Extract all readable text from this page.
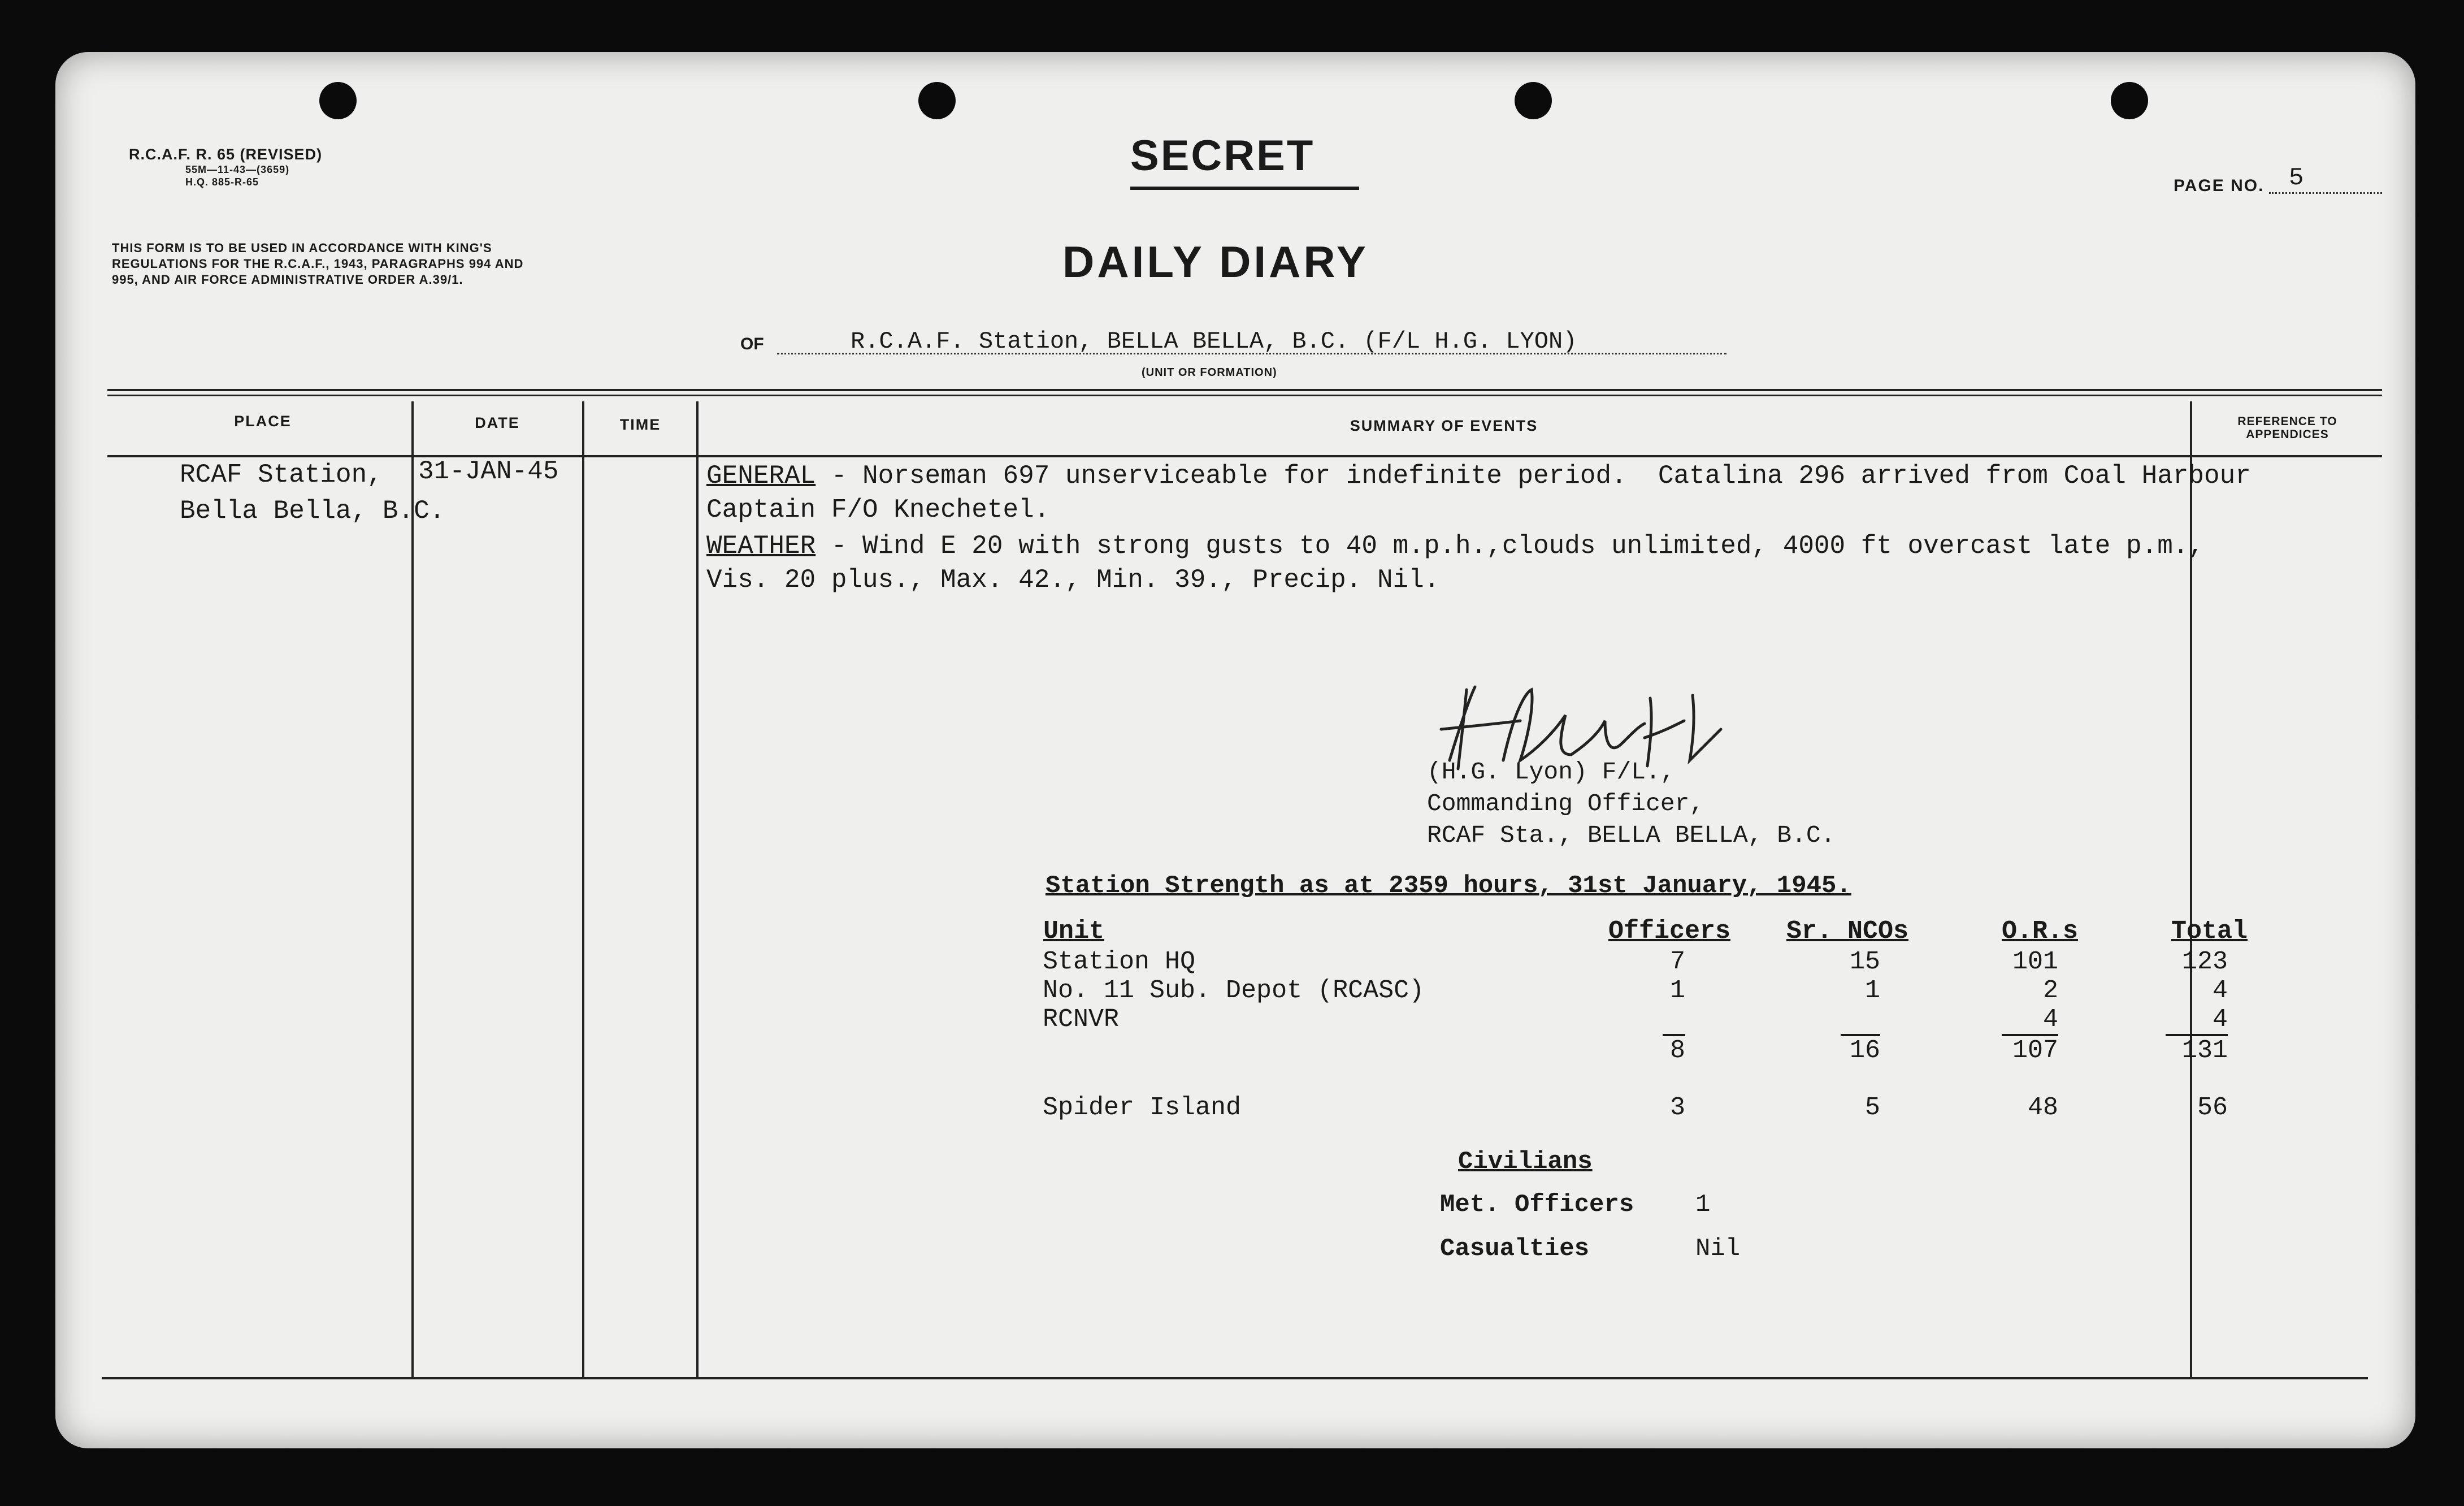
R.C.A.F. R. 65 (REVISED)
55M—11-43—(3659)
H.Q. 885-R-65
SECRET
PAGE NO. 5
THIS FORM IS TO BE USED IN ACCORDANCE WITH KING'S REGULATIONS FOR THE R.C.A.F., 1943, PARAGRAPHS 994 AND 995, AND AIR FORCE ADMINISTRATIVE ORDER A.39/1.	DAILY DIARY
OF	R.C.A.F. Station, BELLA BELLA, B.C. (F/L H.G. LYON)
(UNIT OR FORMATION)
PLACE	DATE	TIME	SUMMARY OF EVENTS	REFERENCE TO
APPENDICES
RCAF Station,
Bella Bella, B.C.
31-JAN-45	GENERAL - Norseman 697 unserviceable for indefinite period.  Catalina 296 arrived from Coal Harbour
Captain F/O Knechetel.
WEATHER - Wind E 20 with strong gusts to 40 m.p.h.,clouds unlimited, 4000 ft overcast late p.m.,
Vis. 20 plus., Max. 42., Min. 39., Precip. Nil.
(H.G. Lyon) F/L.,
Commanding Officer,
RCAF Sta., BELLA BELLA, B.C.
Station Strength as at 2359 hours, 31st January, 1945.
Unit	Officers	Sr. NCOs	O.R.s	Total
Station HQ	7	15	101	123
No. 11 Sub. Depot (RCASC)	1	1	2	4
RCNVR			4	4
	8	16	107	131

Spider Island	3	5	48	56
Civilians
Met. Officers 1
Casualties	Nil
